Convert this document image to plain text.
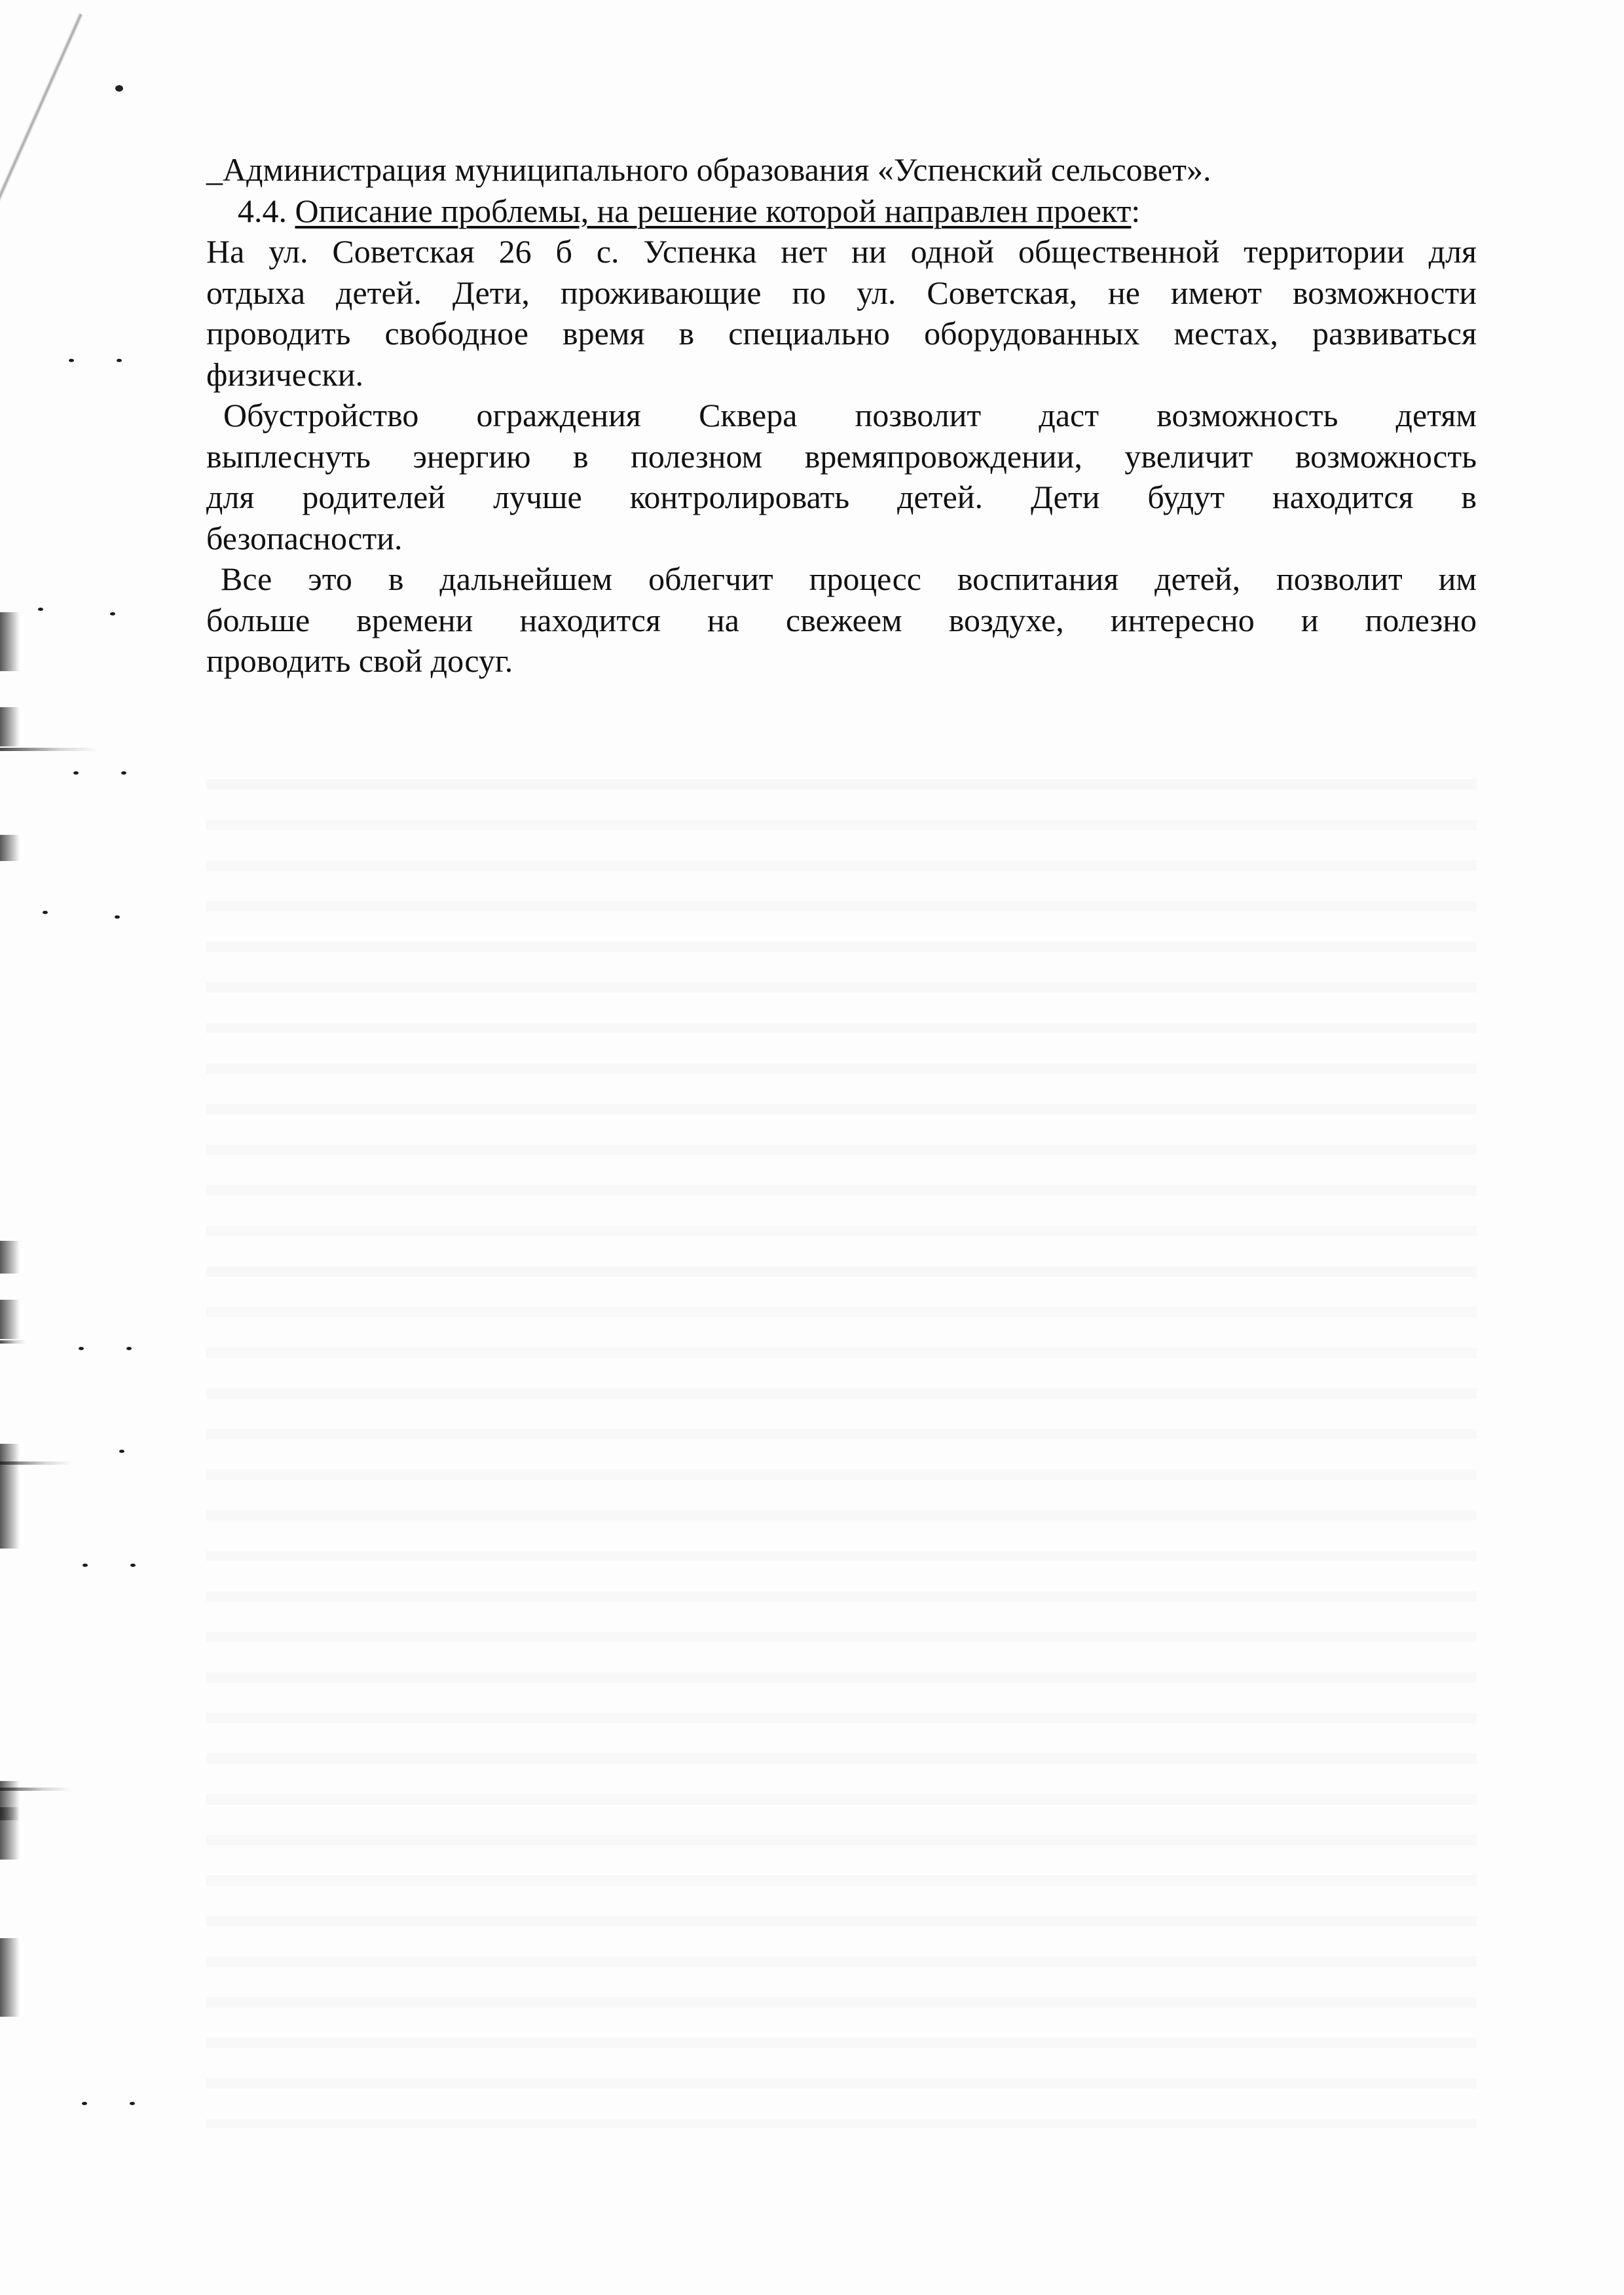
_Администрация муниципального образования «Успенский сельсовет».
4.4. Описание проблемы, на решение которой направлен проект:
На ул. Советская 26 б с. Успенка нет ни одной общественной территории для
отдыха детей. Дети, проживающие по ул. Советская, не имеют возможности
проводить свободное время в специально оборудованных местах, развиваться
физически.
Обустройство ограждения Сквера позволит даст возможность детям
выплеснуть энергию в полезном времяпровождении, увеличит возможность
для родителей лучше контролировать детей. Дети будут находится в
безопасности.
Все это в дальнейшем облегчит процесс воспитания детей, позволит им
больше времени находится на свежеем воздухе, интересно и полезно
проводить свой досуг.
